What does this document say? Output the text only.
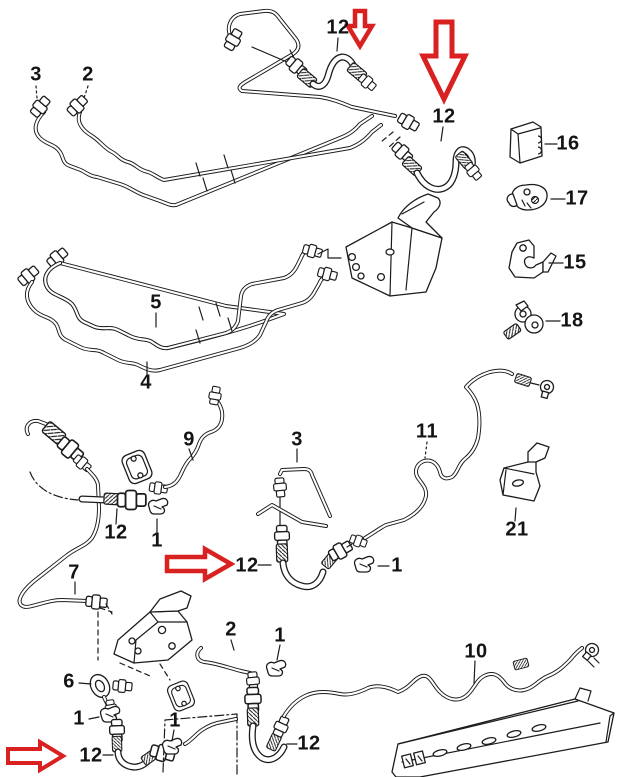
3 2
12
12
16
17
15
18
5
4
9	3	11
12 1
12	1
21
7
6
1
12
1
2 1
12
10
